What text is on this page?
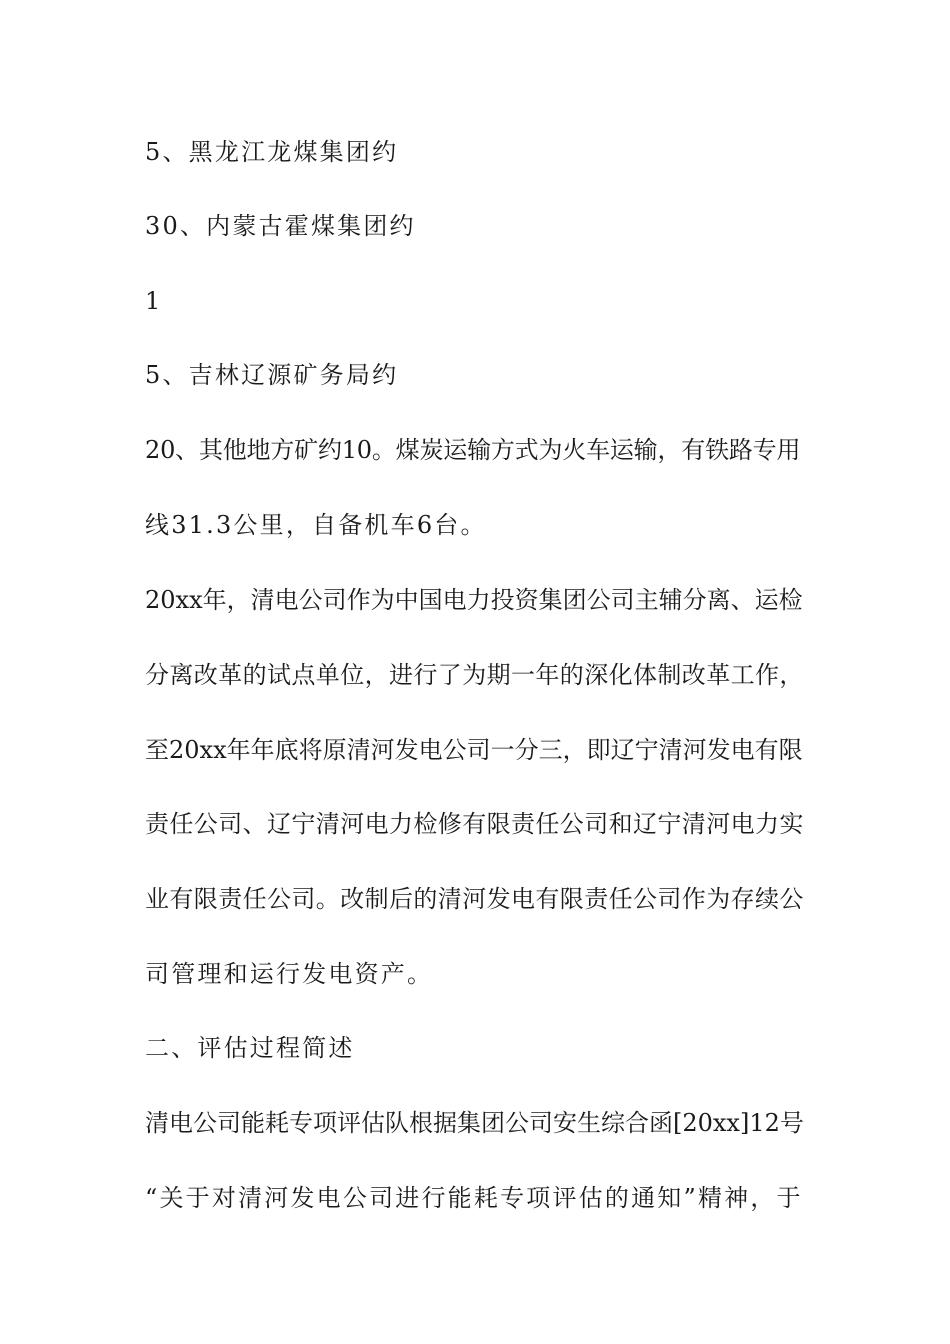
5、黑龙江龙煤集团约
30、内蒙古霍煤集团约
1
5、吉林辽源矿务局约
20、其他地方矿约10。煤炭运输方式为火车运输，有铁路专用
线31.3公里，自备机车6台。
20xx年，清电公司作为中国电力投资集团公司主辅分离、运检
分离改革的试点单位，进行了为期一年的深化体制改革工作，
至20xx年年底将原清河发电公司一分三，即辽宁清河发电有限
责任公司、辽宁清河电力检修有限责任公司和辽宁清河电力实
业有限责任公司。改制后的清河发电有限责任公司作为存续公
司管理和运行发电资产。
二、评估过程简述
清电公司能耗专项评估队根据集团公司安生综合函[20xx]12号
“关于对清河发电公司进行能耗专项评估的通知”精神，于
